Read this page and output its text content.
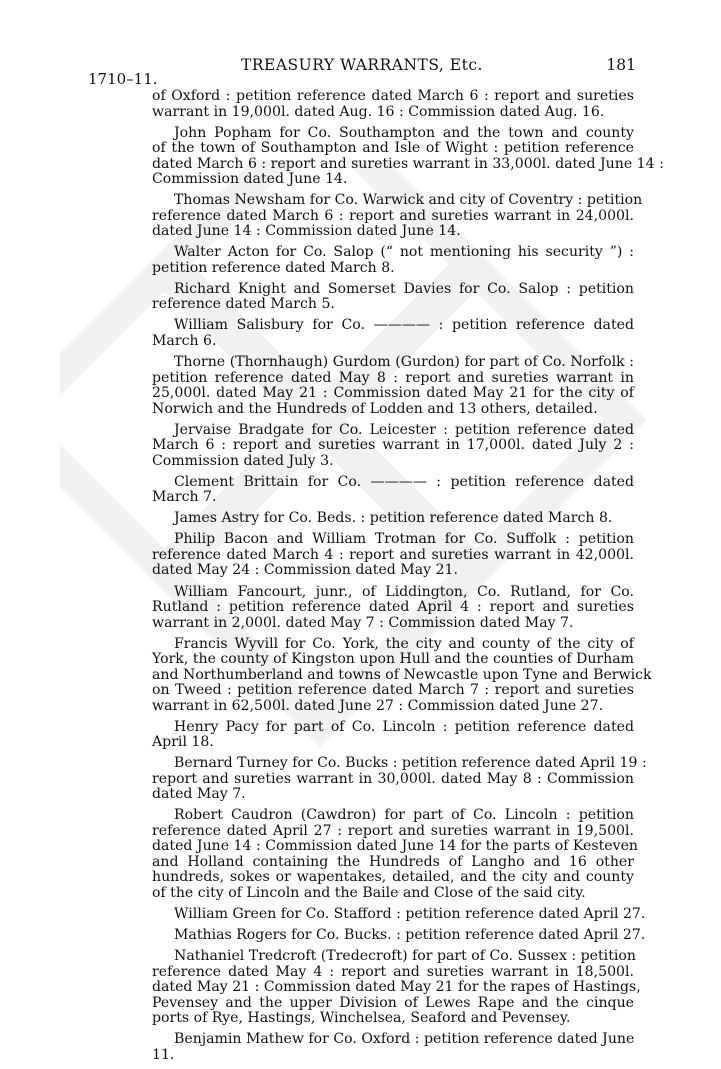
1710–11.
TREASURY WARRANTS, Etc.	181
of Oxford : petition reference dated March 6 : report and sureties
warrant in 19,000l. dated Aug. 16 : Commission dated Aug. 16.
John Popham for Co. Southampton and the town and county
of the town of Southampton and Isle of Wight : petition reference
dated March 6 : report and sureties warrant in 33,000l. dated June 14 :
Commission dated June 14.
Thomas Newsham for Co. Warwick and city of Coventry : petition
reference dated March 6 : report and sureties warrant in 24,000l.
dated June 14 : Commission dated June 14.
Walter Acton for Co. Salop (“ not mentioning his security ”) :
petition reference dated March 8.
Richard Knight and Somerset Davies for Co. Salop : petition
reference dated March 5.
William Salisbury for Co. ———— : petition reference dated
March 6.
Thorne (Thornhaugh) Gurdom (Gurdon) for part of Co. Norfolk :
petition reference dated May 8 : report and sureties warrant in
25,000l. dated May 21 : Commission dated May 21 for the city of
Norwich and the Hundreds of Lodden and 13 others, detailed.
Jervaise Bradgate for Co. Leicester : petition reference dated
March 6 : report and sureties warrant in 17,000l. dated July 2 :
Commission dated July 3.
Clement Brittain for Co. ———— : petition reference dated
March 7.
James Astry for Co. Beds. : petition reference dated March 8.
Philip Bacon and William Trotman for Co. Suffolk : petition
reference dated March 4 : report and sureties warrant in 42,000l.
dated May 24 : Commission dated May 21.
William Fancourt, junr., of Liddington, Co. Rutland, for Co.
Rutland : petition reference dated April 4 : report and sureties
warrant in 2,000l. dated May 7 : Commission dated May 7.
Francis Wyvill for Co. York, the city and county of the city of
York, the county of Kingston upon Hull and the counties of Durham
and Northumberland and towns of Newcastle upon Tyne and Berwick
on Tweed : petition reference dated March 7 : report and sureties
warrant in 62,500l. dated June 27 : Commission dated June 27.
Henry Pacy for part of Co. Lincoln : petition reference dated
April 18.
Bernard Turney for Co. Bucks : petition reference dated April 19 :
report and sureties warrant in 30,000l. dated May 8 : Commission
dated May 7.
Robert Caudron (Cawdron) for part of Co. Lincoln : petition
reference dated April 27 : report and sureties warrant in 19,500l.
dated June 14 : Commission dated June 14 for the parts of Kesteven
and Holland containing the Hundreds of Langho and 16 other
hundreds, sokes or wapentakes, detailed, and the city and county
of the city of Lincoln and the Baile and Close of the said city.
William Green for Co. Stafford : petition reference dated April 27.
Mathias Rogers for Co. Bucks. : petition reference dated April 27.
Nathaniel Tredcroft (Tredecroft) for part of Co. Sussex : petition
reference dated May 4 : report and sureties warrant in 18,500l.
dated May 21 : Commission dated May 21 for the rapes of Hastings,
Pevensey and the upper Division of Lewes Rape and the cinque
ports of Rye, Hastings, Winchelsea, Seaford and Pevensey.
Benjamin Mathew for Co. Oxford : petition reference dated June
11.
